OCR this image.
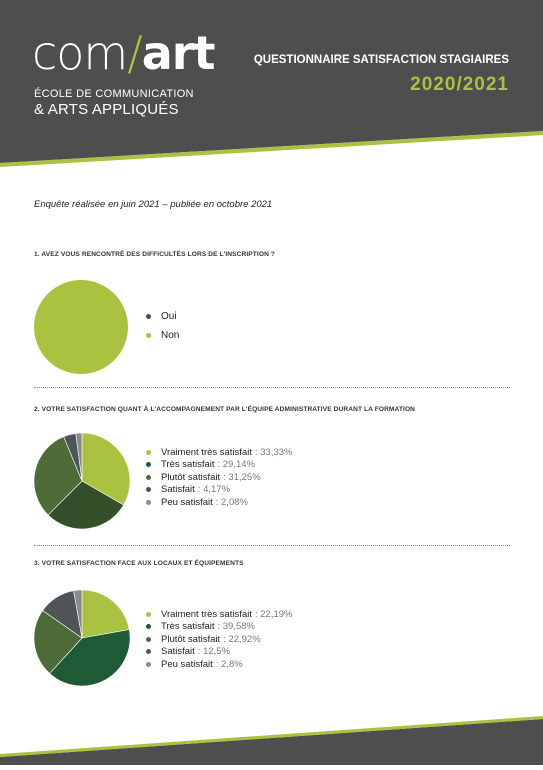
com/art
ÉCOLE DE COMMUNICATION
& ARTS APPLIQUÉS
QUESTIONNAIRE SATISFACTION STAGIAIRES
2020/2021
Enquête réalisée en juin 2021 – publiée en octobre 2021
1. AVEZ VOUS RENCONTRÉ DES DIFFICULTÉS LORS DE L'INSCRIPTION ?
Oui
Non
2. VOTRE SATISFACTION QUANT À L'ACCOMPAGNEMENT PAR L'ÉQUIPE ADMINISTRATIVE DURANT LA FORMATION
Vraiment très satisfait : 33,33%
Très satisfait : 29,14%
Plutôt satisfait : 31,25%
Satisfait : 4,17%
Peu satisfait : 2,08%
3. VOTRE SATISFACTION FACE AUX LOCAUX ET ÉQUIPEMENTS
Vraiment très satisfait : 22,19%
Très satisfait : 39,58%
Plutôt satisfait : 22,92%
Satisfait : 12,5%
Peu satisfait : 2,8%
